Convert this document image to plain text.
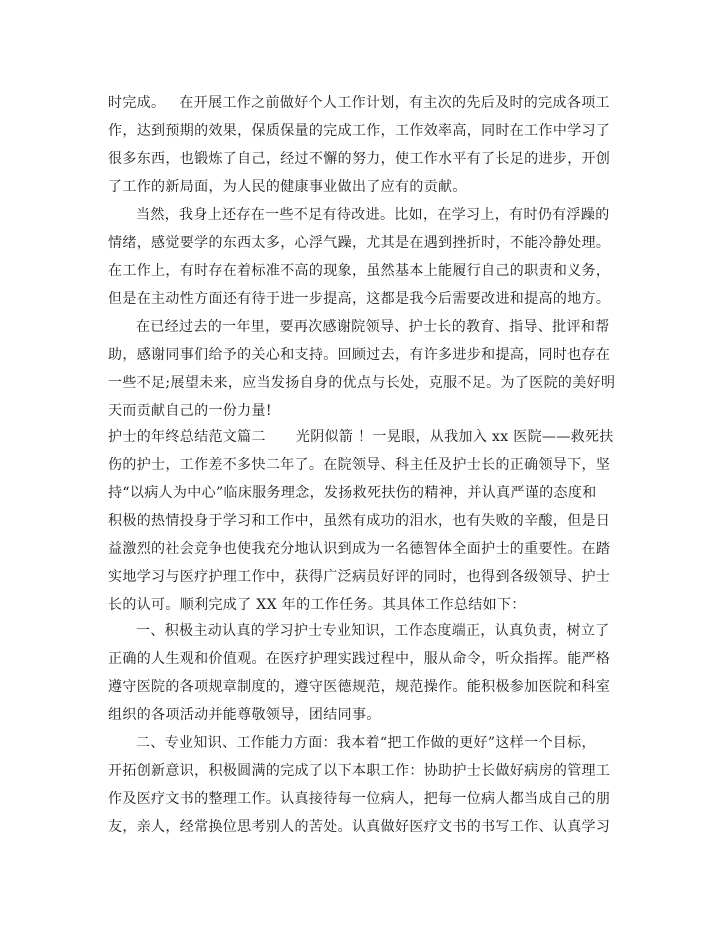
时完成。 在开展工作之前做好个人工作计划，有主次的先后及时的完成各项工
作，达到预期的效果，保质保量的完成工作，工作效率高，同时在工作中学习了
很多东西，也锻炼了自己，经过不懈的努力，使工作水平有了长足的进步，开创
了工作的新局面，为人民的健康事业做出了应有的贡献。
当然，我身上还存在一些不足有待改进。比如，在学习上，有时仍有浮躁的
情绪，感觉要学的东西太多，心浮气躁，尤其是在遇到挫折时，不能冷静处理。
在工作上，有时存在着标准不高的现象，虽然基本上能履行自己的职责和义务，
但是在主动性方面还有待于进一步提高，这都是我今后需要改进和提高的地方。
在已经过去的一年里，要再次感谢院领导、护士长的教育、指导、批评和帮
助，感谢同事们给予的关心和支持。回顾过去，有许多进步和提高，同时也存在
一些不足;展望未来，应当发扬自身的优点与长处，克服不足。为了医院的美好明
天而贡献自己的一份力量!
护士的年终总结范文篇二 光阴似箭 ！一晃眼，从我加入 xx 医院——救死扶
伤的护士，工作差不多快二年了。在院领导、科主任及护士长的正确领导下，坚
持“以病人为中心”临床服务理念，发扬救死扶伤的精神，并认真严谨的态度和
积极的热情投身于学习和工作中，虽然有成功的泪水，也有失败的辛酸，但是日
益激烈的社会竞争也使我充分地认识到成为一名德智体全面护士的重要性。在踏
实地学习与医疗护理工作中，获得广泛病员好评的同时，也得到各级领导、护士
长的认可。顺利完成了 XX 年的工作任务。其具体工作总结如下：
一、积极主动认真的学习护士专业知识，工作态度端正，认真负责，树立了
正确的人生观和价值观。在医疗护理实践过程中，服从命令，听众指挥。能严格
遵守医院的各项规章制度的，遵守医德规范，规范操作。能积极参加医院和科室
组织的各项活动并能尊敬领导，团结同事。
二、专业知识、工作能力方面：我本着“把工作做的更好”这样一个目标，
开拓创新意识，积极圆满的完成了以下本职工作：协助护士长做好病房的管理工
作及医疗文书的整理工作。认真接待每一位病人，把每一位病人都当成自己的朋
友，亲人，经常换位思考别人的苦处。认真做好医疗文书的书写工作、认真学习
